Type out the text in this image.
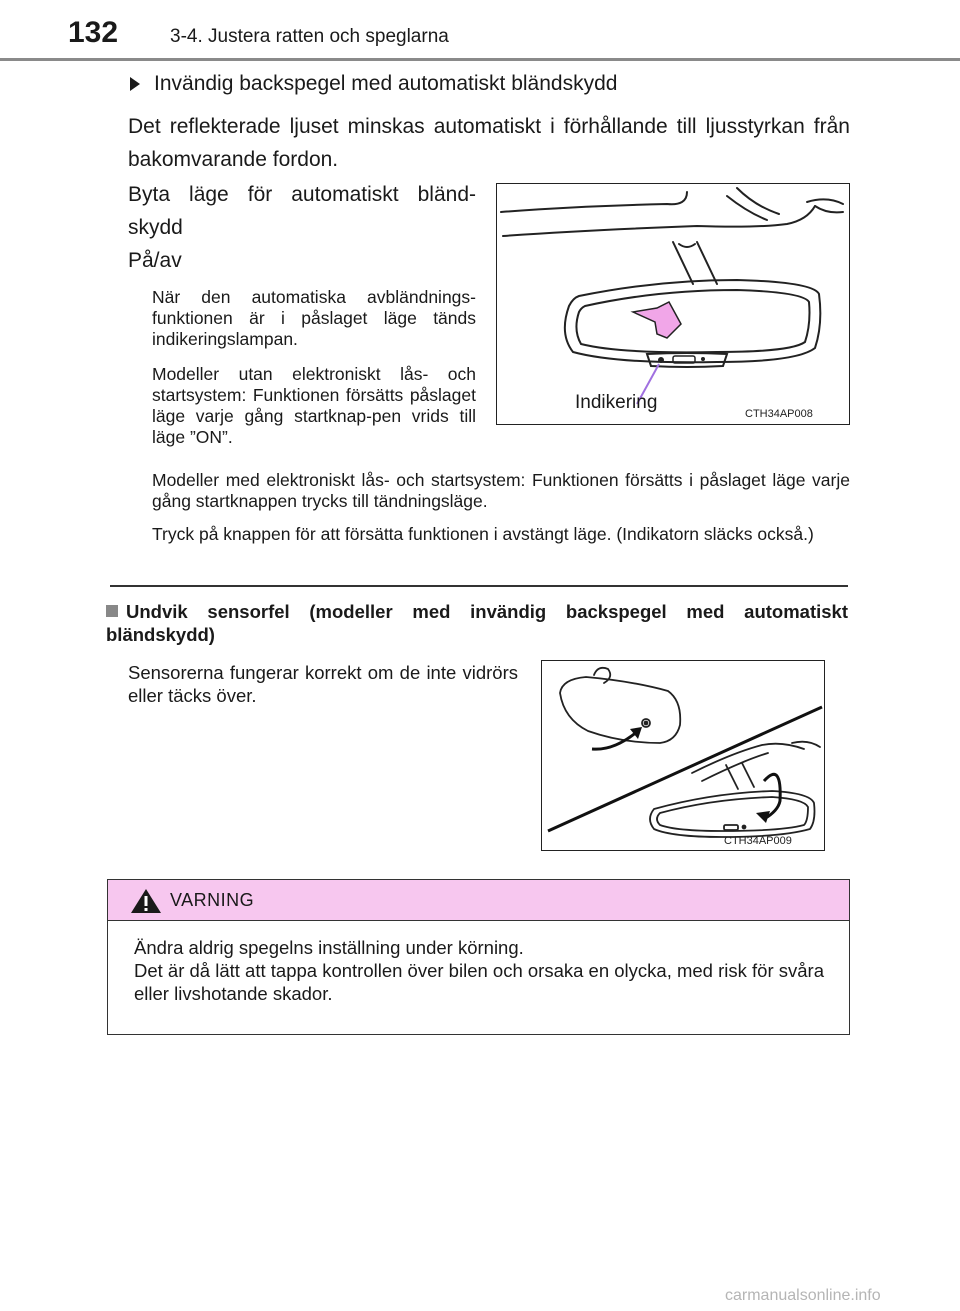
132	3-4. Justera ratten och speglarna
Invändig backspegel med automatiskt bländskydd
Det reflekterade ljuset minskas automatiskt i förhållande till ljusstyrkan från bakomvarande fordon.
Byta läge för automatiskt bländ-skydd
På/av
När den automatiska avbländnings-funktionen är i påslaget läge tänds indikeringslampan.
Modeller utan elektroniskt lås- och startsystem: Funktionen försätts påslaget läge varje gång startknap-pen vrids till läge ”ON”.
Modeller med elektroniskt lås- och startsystem: Funktionen försätts i påslaget läge varje gång startknappen trycks till tändningsläge.
Tryck på knappen för att försätta funktionen i avstängt läge. (Indikatorn släcks också.)
Indikering
CTH34AP008
Undvik sensorfel (modeller med invändig backspegel med automatiskt bländskydd)
Sensorerna fungerar korrekt om de inte vidrörs eller täcks över.
CTH34AP009
VARNING
Ändra aldrig spegelns inställning under körning.
Det är då lätt att tappa kontrollen över bilen och orsaka en olycka, med risk för svåra eller livshotande skador.
carmanualsonline.info
